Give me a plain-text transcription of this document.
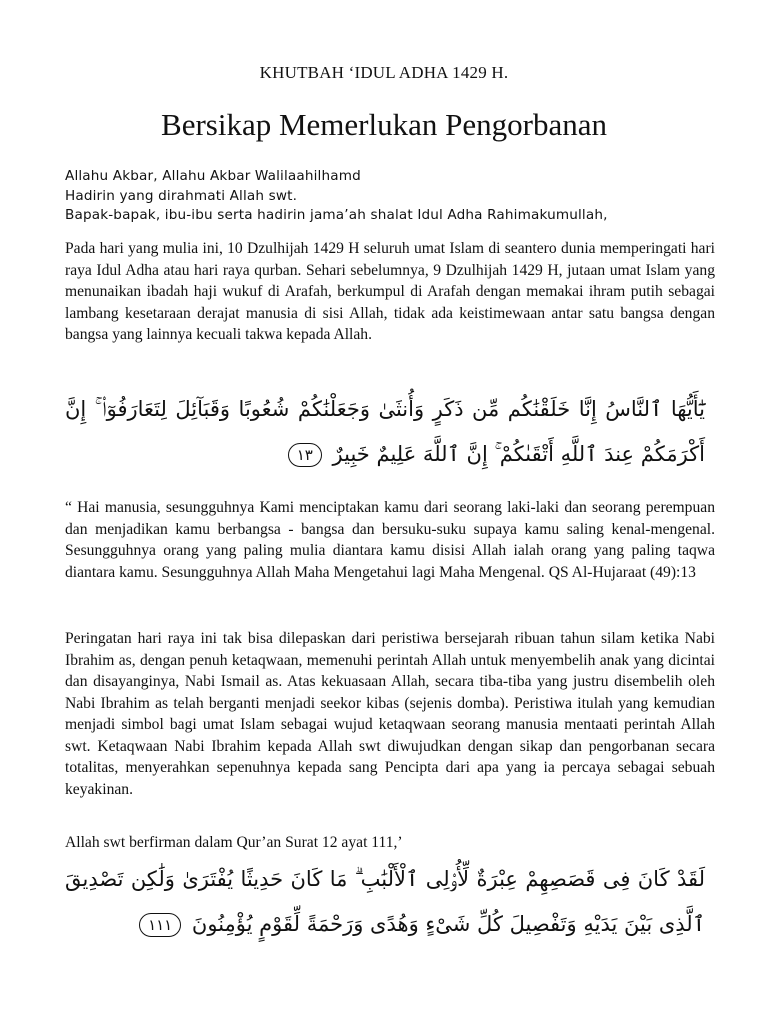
KHUTBAH ‘IDUL ADHA 1429 H.
Bersikap Memerlukan Pengorbanan
Allahu Akbar, Allahu Akbar Walilaahilhamd
Hadirin yang dirahmati Allah swt.
Bapak-bapak, ibu-ibu serta hadirin jama’ah shalat Idul Adha Rahimakumullah,
Pada hari yang mulia ini, 10 Dzulhijah 1429 H seluruh umat Islam di seantero dunia memperingati hari raya Idul Adha atau hari raya qurban. Sehari sebelumnya, 9 Dzulhijah 1429 H, jutaan umat Islam yang menunaikan ibadah haji wukuf di Arafah, berkumpul di Arafah dengan memakai ihram putih sebagai lambang kesetaraan derajat manusia di sisi Allah, tidak ada keistimewaan antar satu bangsa dengan bangsa yang lainnya kecuali takwa kepada Allah.
يَٰٓأَيُّهَا ٱلنَّاسُ إِنَّا خَلَقْنَٰكُم مِّن ذَكَرٍ وَأُنثَىٰ وَجَعَلْنَٰكُمْ شُعُوبًا وَقَبَآئِلَ لِتَعَارَفُوٓا۟ ۚ إِنَّ أَكْرَمَكُمْ عِندَ ٱللَّهِ أَتْقَىٰكُمْ ۚ إِنَّ ٱللَّهَ عَلِيمٌ خَبِيرٌ ١٣
“ Hai manusia, sesungguhnya Kami menciptakan kamu dari seorang laki-laki dan seorang perempuan dan menjadikan kamu berbangsa - bangsa dan bersuku-suku supaya kamu saling kenal-mengenal. Sesungguhnya orang yang paling mulia diantara kamu disisi Allah ialah orang yang paling taqwa diantara kamu. Sesungguhnya Allah Maha Mengetahui lagi Maha Mengenal. QS Al-Hujaraat (49):13
Peringatan hari raya ini tak bisa dilepaskan dari peristiwa bersejarah ribuan tahun silam ketika Nabi Ibrahim as, dengan penuh ketaqwaan, memenuhi perintah Allah untuk menyembelih anak yang dicintai dan disayanginya, Nabi Ismail as. Atas kekuasaan Allah, secara tiba-tiba yang justru disembelih oleh Nabi Ibrahim as telah berganti menjadi seekor kibas (sejenis domba). Peristiwa itulah yang kemudian menjadi simbol bagi umat Islam sebagai wujud ketaqwaan seorang manusia mentaati perintah Allah swt. Ketaqwaan Nabi Ibrahim kepada Allah swt diwujudkan dengan sikap dan pengorbanan secara totalitas, menyerahkan sepenuhnya kepada sang Pencipta dari apa yang ia percaya sebagai sebuah keyakinan.
Allah swt berfirman dalam Qur’an Surat 12 ayat 111,’
لَقَدْ كَانَ فِى قَصَصِهِمْ عِبْرَةٌ لِّأُو۟لِى ٱلْأَلْبَٰبِ ۗ مَا كَانَ حَدِيثًا يُفْتَرَىٰ وَلَٰكِن تَصْدِيقَ ٱلَّذِى بَيْنَ يَدَيْهِ وَتَفْصِيلَ كُلِّ شَىْءٍ وَهُدًى وَرَحْمَةً لِّقَوْمٍ يُؤْمِنُونَ ١١١
